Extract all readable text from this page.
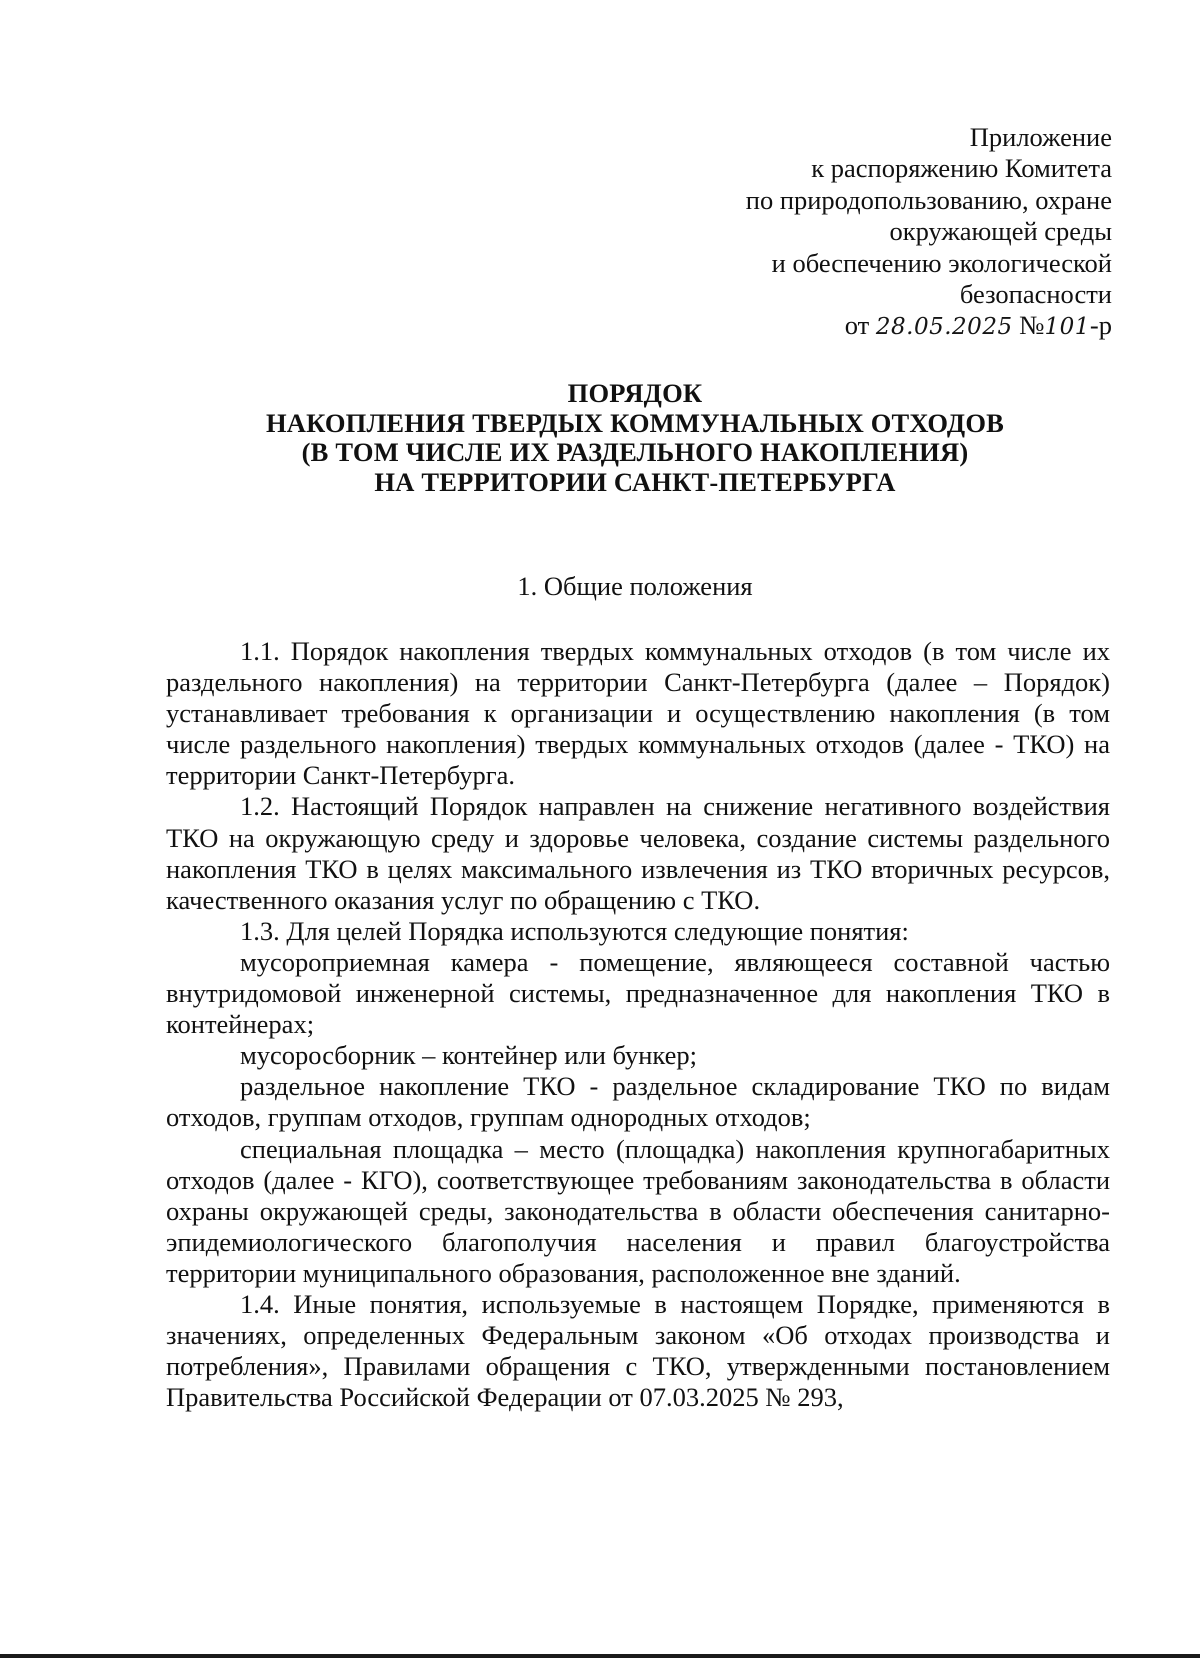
Приложение
к распоряжению Комитета
по природопользованию, охране
окружающей среды
и обеспечению экологической
безопасности
от 28.05.2025 №101-р
ПОРЯДОК
НАКОПЛЕНИЯ ТВЕРДЫХ КОММУНАЛЬНЫХ ОТХОДОВ
(В ТОМ ЧИСЛЕ ИХ РАЗДЕЛЬНОГО НАКОПЛЕНИЯ)
НА ТЕРРИТОРИИ САНКТ-ПЕТЕРБУРГА
1. Общие положения

1.1. Порядок накопления твердых коммунальных отходов (в том числе их раздельного накопления) на территории Санкт-Петербурга (далее – Порядок) устанавливает требования к организации и осуществлению накопления (в том числе раздельного накопления) твердых коммунальных отходов (далее - ТКО) на территории Санкт-Петербурга.

1.2. Настоящий Порядок направлен на снижение негативного воздействия ТКО на окружающую среду и здоровье человека, создание системы раздельного накопления ТКО в целях максимального извлечения из ТКО вторичных ресурсов, качественного оказания услуг по обращению с ТКО.

1.3. Для целей Порядка используются следующие понятия:

мусороприемная камера - помещение, являющееся составной частью внутридомовой инженерной системы, предназначенное для накопления ТКО в контейнерах;

мусоросборник – контейнер или бункер;

раздельное накопление ТКО - раздельное складирование ТКО по видам отходов, группам отходов, группам однородных отходов;

специальная площадка – место (площадка) накопления крупногабаритных отходов (далее - КГО), соответствующее требованиям законодательства в области охраны окружающей среды, законодательства в области обеспечения санитарно-эпидемиологического благополучия населения и правил благоустройства территории муниципального образования, расположенное вне зданий.

1.4. Иные понятия, используемые в настоящем Порядке, применяются в значениях, определенных Федеральным законом «Об отходах производства и потребления», Правилами обращения с ТКО, утвержденными постановлением Правительства Российской Федерации от 07.03.2025 № 293,
